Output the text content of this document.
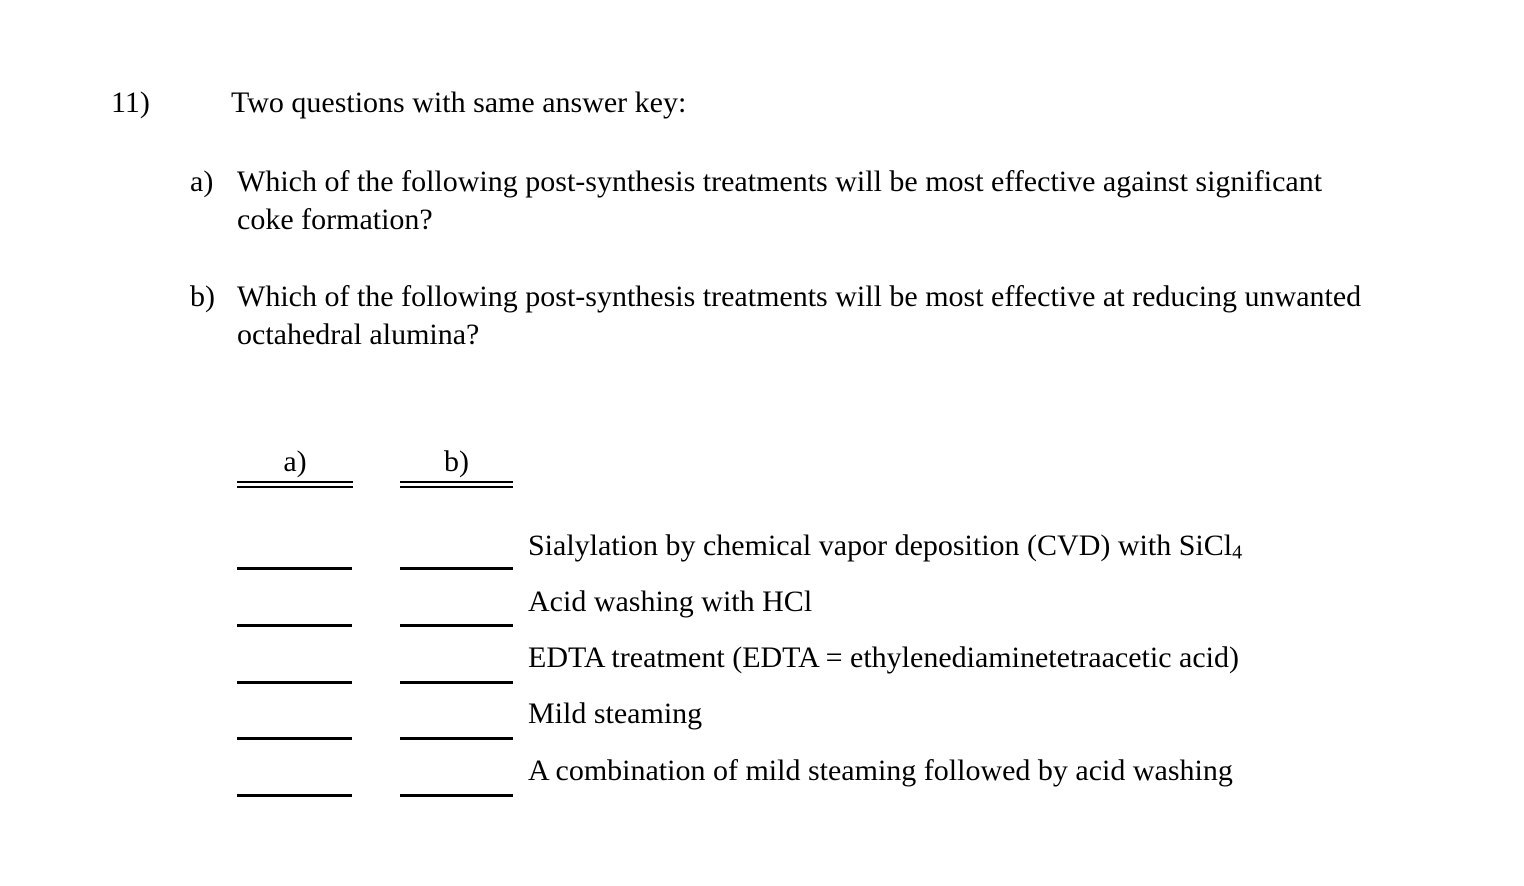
11)	Two questions with same answer key:
a) Which of the following post-synthesis treatments will be most effective against significant coke formation?
b) Which of the following post-synthesis treatments will be most effective at reducing unwanted octahedral alumina?
a)	b)
Sialylation by chemical vapor deposition (CVD) with SiCl$_4$
Acid washing with HCl
EDTA treatment (EDTA = ethylenediaminetetraacetic acid)
Mild steaming
A combination of mild steaming followed by acid washing
